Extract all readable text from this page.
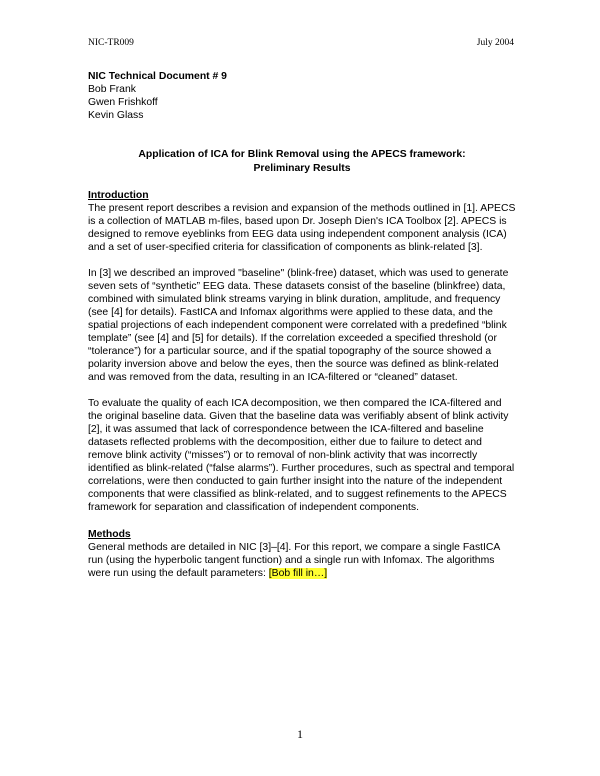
NIC-TR009	July 2004
NIC Technical Document # 9
Bob Frank
Gwen Frishkoff
Kevin Glass
Application of ICA for Blink Removal using the APECS framework:
Preliminary Results
Introduction

The present report describes a revision and expansion of the methods outlined in [1]. APECS is a collection of MATLAB m-files, based upon Dr. Joseph Dien's ICA Toolbox [2]. APECS is designed to remove eyeblinks from EEG data using independent component analysis (ICA) and a set of user-specified criteria for classification of components as blink-related [3].

In [3] we described an improved "baseline" (blink-free) dataset, which was used to generate seven sets of “synthetic” EEG data. These datasets consist of the baseline (blinkfree) data, combined with simulated blink streams varying in blink duration, amplitude, and frequency (see [4] for details). FastICA and Infomax algorithms were applied to these data, and the spatial projections of each independent component were correlated with a predefined “blink template” (see [4] and [5] for details). If the correlation exceeded a specified threshold (or “tolerance”) for a particular source, and if the spatial topography of the source showed a polarity inversion above and below the eyes, then the source was defined as blink-related and was removed from the data, resulting in an ICA-filtered or “cleaned” dataset.

To evaluate the quality of each ICA decomposition, we then compared the ICA-filtered and the original baseline data. Given that the baseline data was verifiably absent of blink activity [2], it was assumed that lack of correspondence between the ICA-filtered and baseline datasets reflected problems with the decomposition, either due to failure to detect and remove blink activity (“misses”) or to removal of non-blink activity that was incorrectly identified as blink-related (“false alarms”). Further procedures, such as spectral and temporal correlations, were then conducted to gain further insight into the nature of the independent components that were classified as blink-related, and to suggest refinements to the APECS framework for separation and classification of independent components.

Methods

General methods are detailed in NIC [3]–[4]. For this report, we compare a single FastICA run (using the hyperbolic tangent function) and a single run with Infomax. The algorithms were run using the default parameters: [Bob fill in…]

1
